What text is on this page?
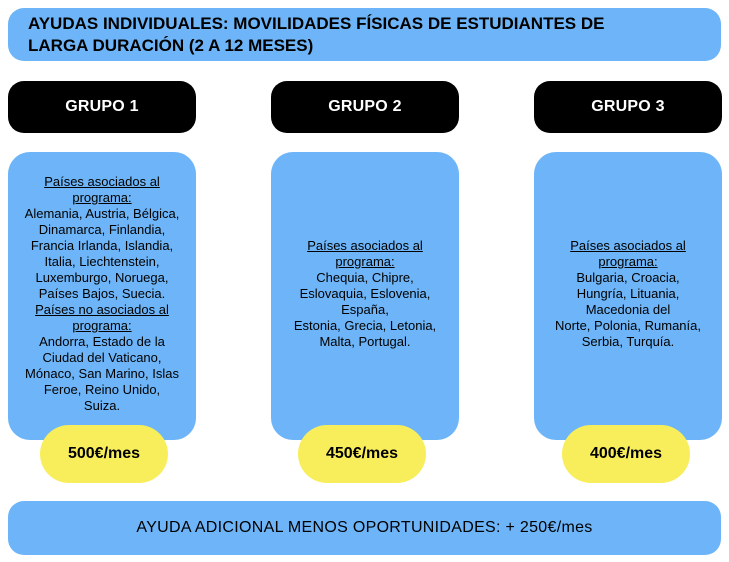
AYUDAS INDIVIDUALES: MOVILIDADES FÍSICAS DE ESTUDIANTES DE
LARGA DURACIÓN (2 A 12 MESES)
GRUPO 1	GRUPO 2	GRUPO 3
Países asociados al
programa:
Alemania, Austria, Bélgica,
Dinamarca, Finlandia,
Francia Irlanda, Islandia,
Italia, Liechtenstein,
Luxemburgo, Noruega,
Países Bajos, Suecia.
Países no asociados al
programa:
Andorra, Estado de la
Ciudad del Vaticano,
Mónaco, San Marino, Islas
Feroe, Reino Unido,
Suiza.
Países asociados al
programa:
Chequia, Chipre,
Eslovaquia, Eslovenia,
España,
Estonia, Grecia, Letonia,
Malta, Portugal.
Países asociados al
programa:
Bulgaria, Croacia,
Hungría, Lituania,
Macedonia del
Norte, Polonia, Rumanía,
Serbia, Turquía.
500€/mes	450€/mes	400€/mes
AYUDA ADICIONAL MENOS OPORTUNIDADES: + 250€/mes
